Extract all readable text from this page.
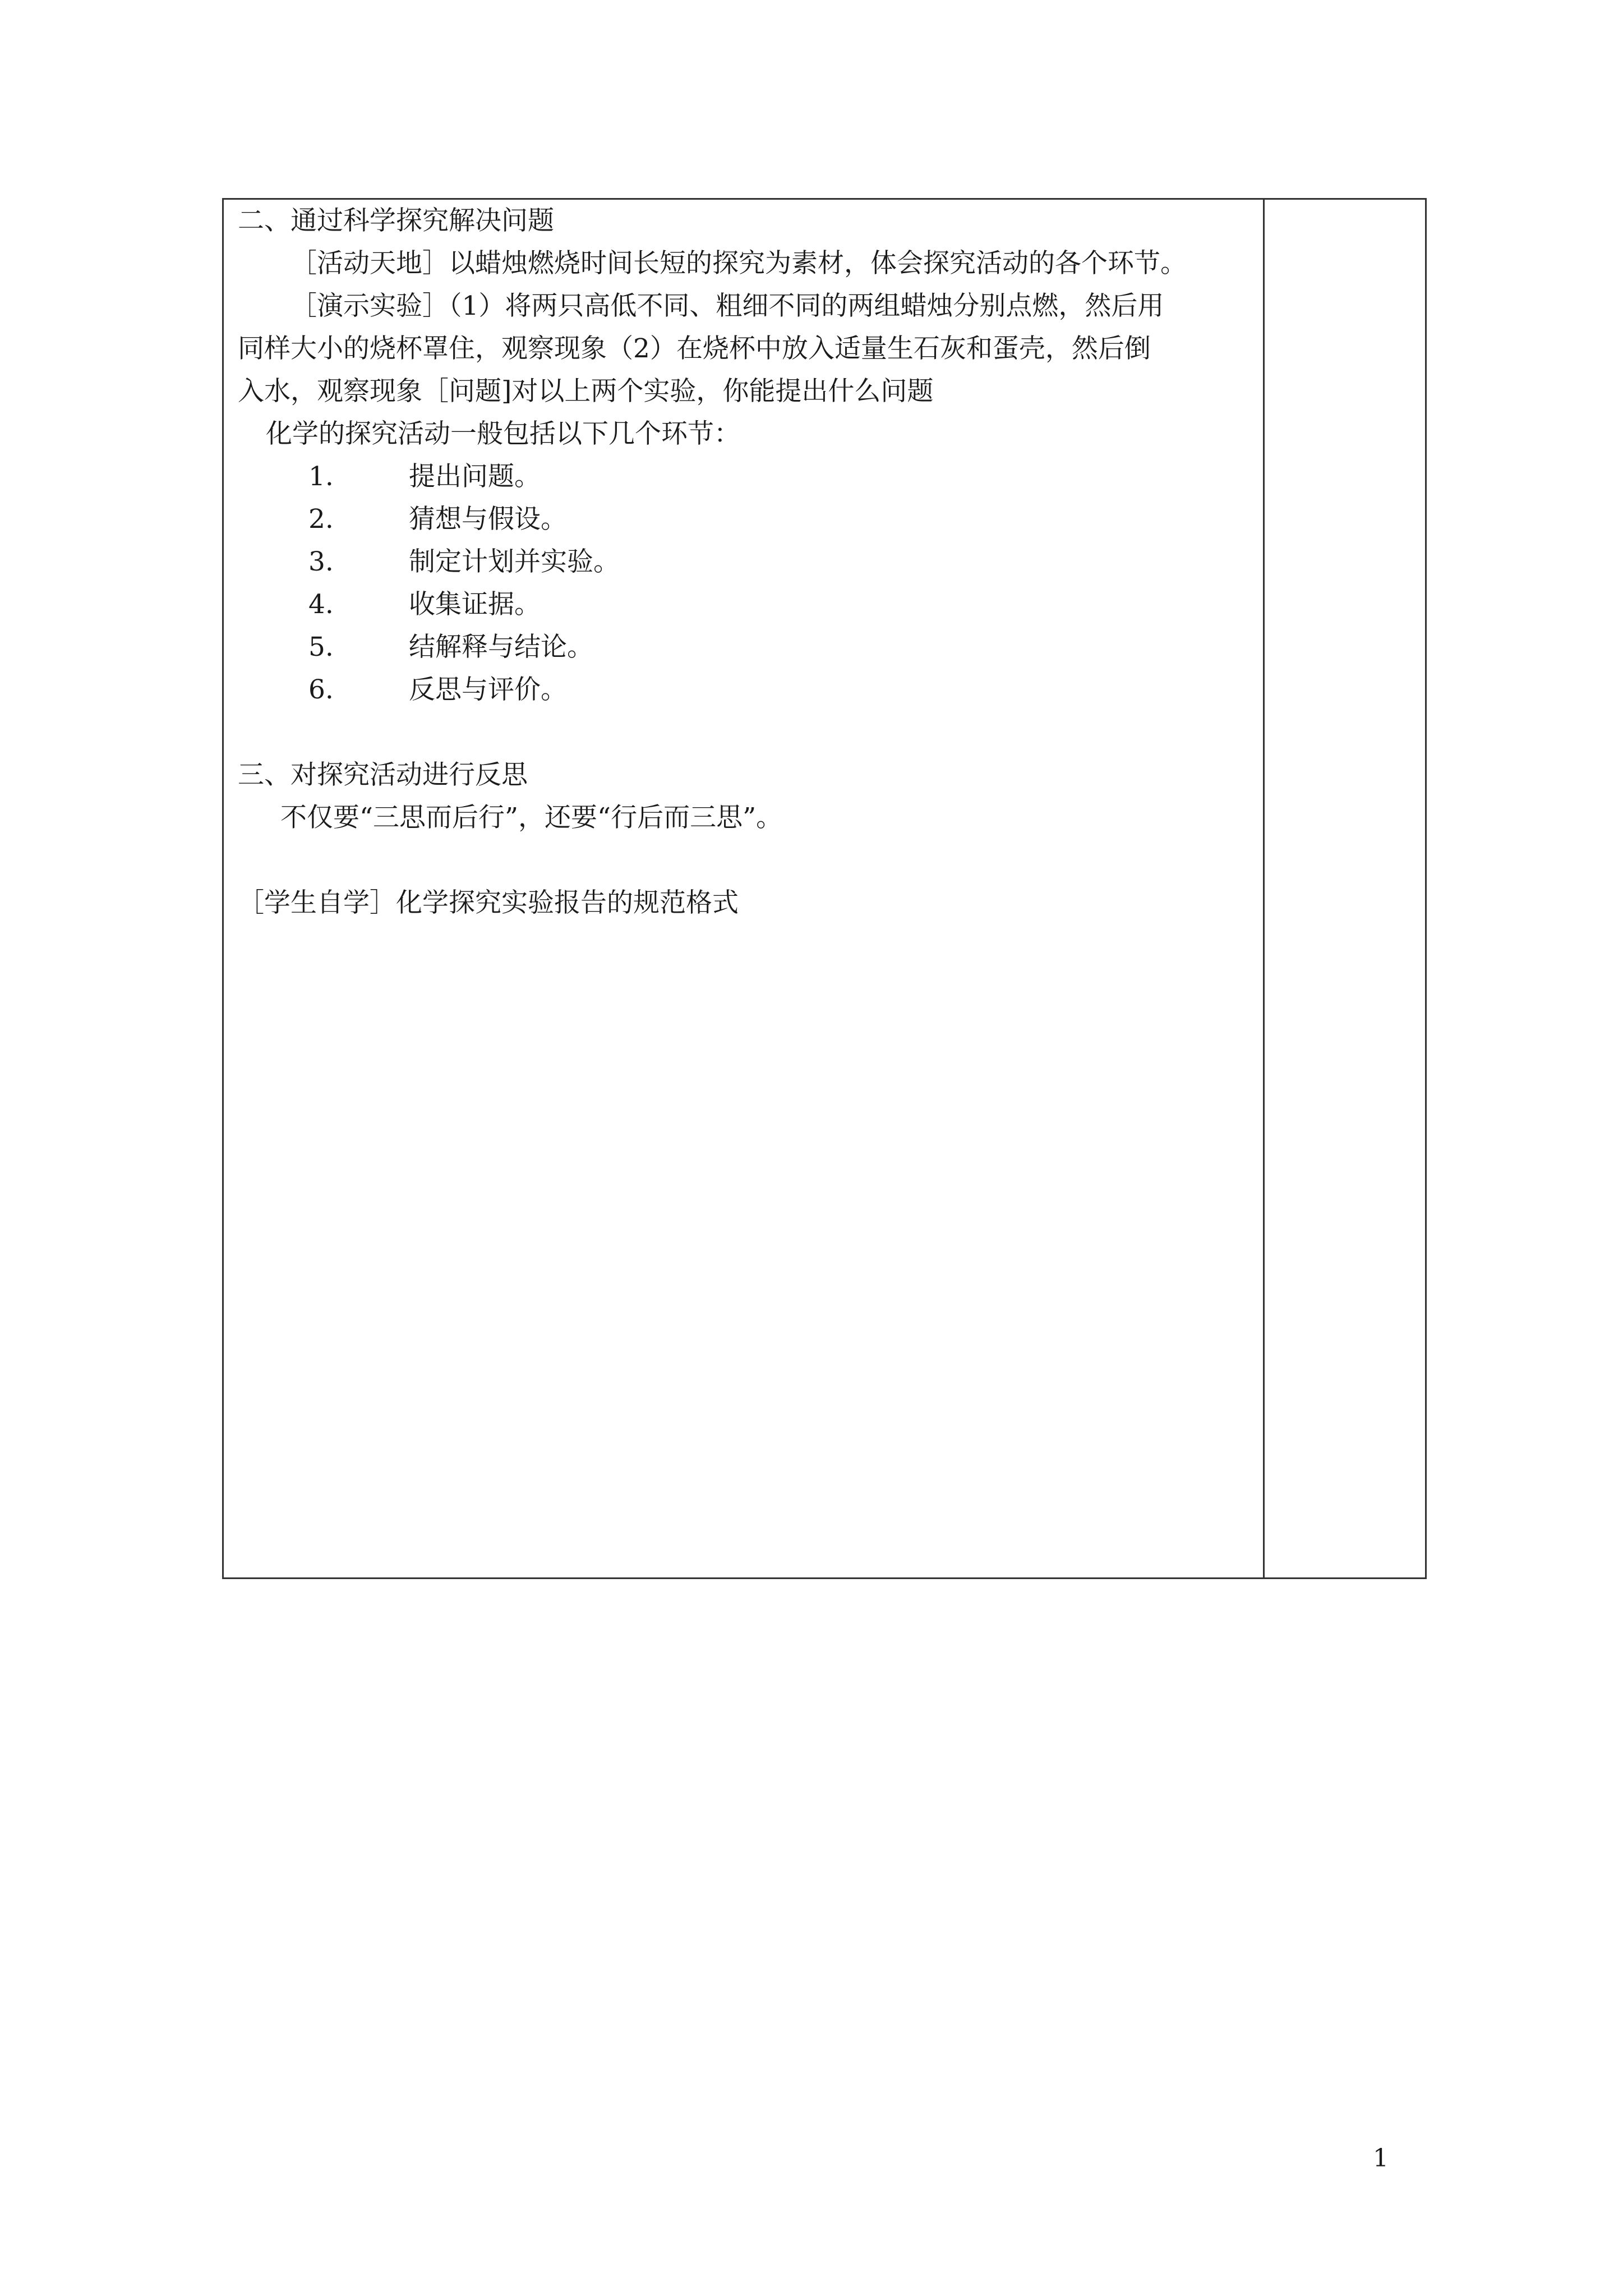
二、通过科学探究解决问题
［活动天地］以蜡烛燃烧时间长短的探究为素材，体会探究活动的各个环节。
［演示实验］（1）将两只高低不同、粗细不同的两组蜡烛分别点燃，然后用
同样大小的烧杯罩住，观察现象（2）在烧杯中放入适量生石灰和蛋壳，然后倒
入水，观察现象［问题]对以上两个实验，你能提出什么问题
化学的探究活动一般包括以下几个环节：
1.	提出问题。
2.	猜想与假设。
3.	制定计划并实验。
4.	收集证据。
5.	结解释与结论。
6.	反思与评价。
三、对探究活动进行反思
不仅要“三思而后行”，还要“行后而三思”。
［学生自学］化学探究实验报告的规范格式
1
